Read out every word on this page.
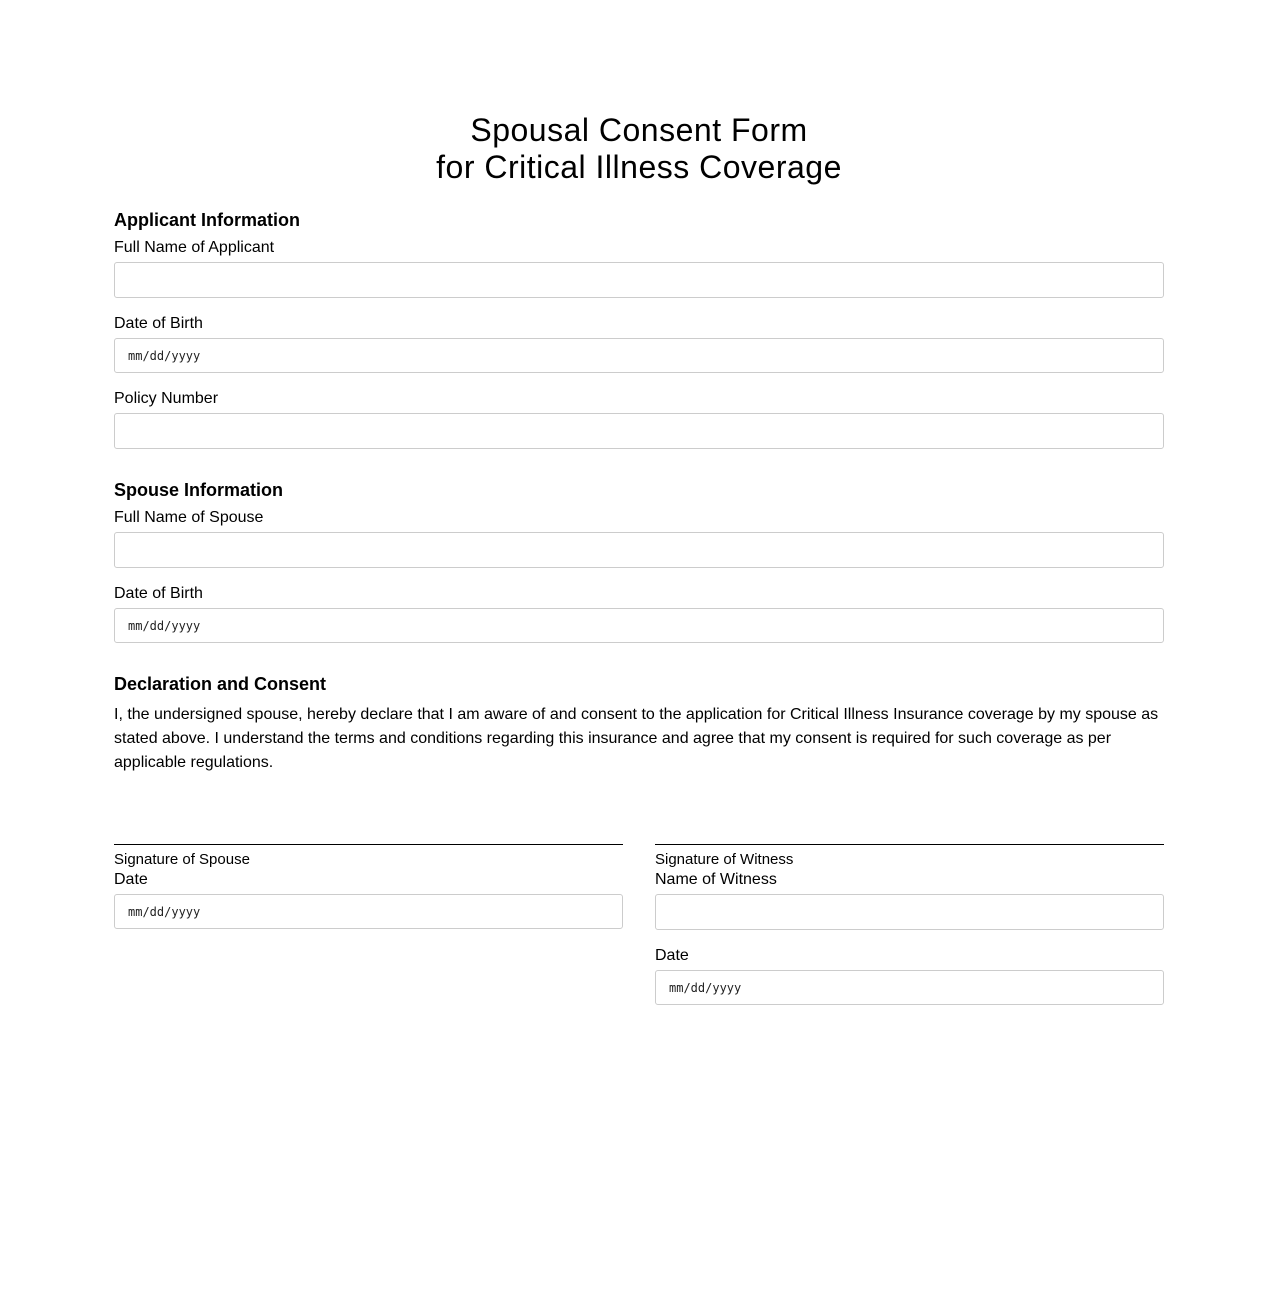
Spousal Consent Form
for Critical Illness Coverage
Applicant Information
Full Name of Applicant
Date of Birth
mm/dd/yyyy
Policy Number
Spouse Information
Full Name of Spouse
Date of Birth
mm/dd/yyyy
Declaration and Consent
I, the undersigned spouse, hereby declare that I am aware of and consent to the application for Critical Illness Insurance coverage by my spouse as stated above. I understand the terms and conditions regarding this insurance and agree that my consent is required for such coverage as per applicable regulations.
Signature of Spouse
Date
mm/dd/yyyy
Signature of Witness
Name of Witness
Date
mm/dd/yyyy
